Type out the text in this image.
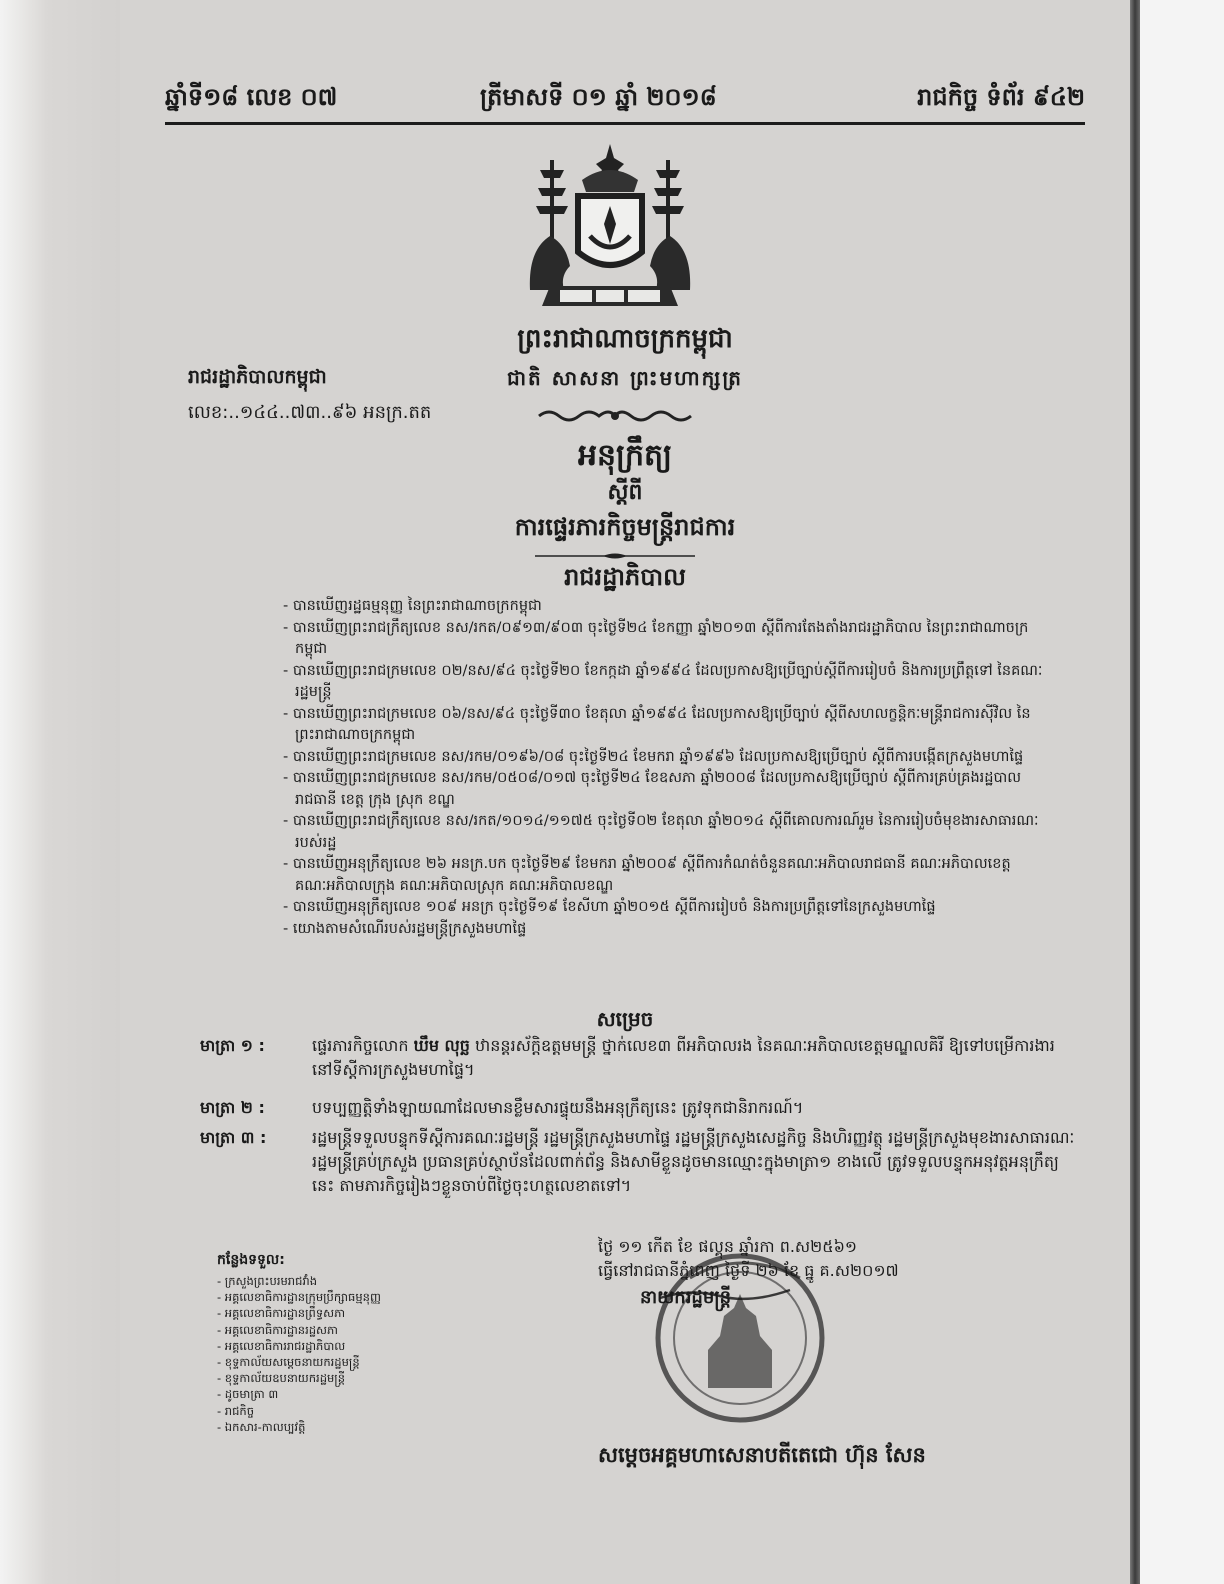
ឆ្នាំទី១៨ លេខ ០៧	ត្រីមាសទី ០១ ឆ្នាំ ២០១៨	រាជកិច្ច ទំព័រ ៩៤២
ព្រះរាជាណាចក្រកម្ពុជា
ជាតិ សាសនា ព្រះមហាក្សត្រ
រាជរដ្ឋាភិបាលកម្ពុជា
លេខ:..១៤៤..៧៣..៩៦ អនក្រ.តត
អនុក្រឹត្យ
ស្តីពី
ការផ្ទេរភារកិច្ចមន្ត្រីរាជការ
រាជរដ្ឋាភិបាល
- បានឃើញរដ្ឋធម្មនុញ្ញ នៃព្រះរាជាណាចក្រកម្ពុជា
- បានឃើញព្រះរាជក្រឹត្យលេខ នស/រកត/០៩១៣/៩០៣ ចុះថ្ងៃទី២៤ ខែកញ្ញា ឆ្នាំ២០១៣ ស្តីពីការតែងតាំងរាជរដ្ឋាភិបាល នៃព្រះរាជាណាចក្រកម្ពុជា
- បានឃើញព្រះរាជក្រមលេខ ០២/នស/៩៤ ចុះថ្ងៃទី២០ ខែកក្កដា ឆ្នាំ១៩៩៤ ដែលប្រកាសឱ្យប្រើច្បាប់ស្តីពីការរៀបចំ និងការប្រព្រឹត្តទៅ នៃគណៈរដ្ឋមន្ត្រី
- បានឃើញព្រះរាជក្រមលេខ ០៦/នស/៩៤ ចុះថ្ងៃទី៣០ ខែតុលា ឆ្នាំ១៩៩៤ ដែលប្រកាសឱ្យប្រើច្បាប់ ស្តីពីសហលក្ខន្តិកៈមន្ត្រីរាជការស៊ីវិល នៃព្រះរាជាណាចក្រកម្ពុជា
- បានឃើញព្រះរាជក្រមលេខ នស/រកម/០១៩៦/០៨ ចុះថ្ងៃទី២៤ ខែមករា ឆ្នាំ១៩៩៦ ដែលប្រកាសឱ្យប្រើច្បាប់ ស្តីពីការបង្កើតក្រសួងមហាផ្ទៃ
- បានឃើញព្រះរាជក្រមលេខ នស/រកម/០៥០៨/០១៧ ចុះថ្ងៃទី២៤ ខែឧសភា ឆ្នាំ២០០៨ ដែលប្រកាសឱ្យប្រើច្បាប់ ស្តីពីការគ្រប់គ្រងរដ្ឋបាលរាជធានី ខេត្ត ក្រុង ស្រុក ខណ្ឌ
- បានឃើញព្រះរាជក្រឹត្យលេខ នស/រកត/១០១៤/១១៧៥ ចុះថ្ងៃទី០២ ខែតុលា ឆ្នាំ២០១៤ ស្តីពីគោលការណ៍រួម នៃការរៀបចំមុខងារសាធារណៈរបស់រដ្ឋ
- បានឃើញអនុក្រឹត្យលេខ ២៦ អនក្រ.បក ចុះថ្ងៃទី២៩ ខែមករា ឆ្នាំ២០០៩ ស្តីពីការកំណត់ចំនួនគណៈអភិបាលរាជធានី គណៈអភិបាលខេត្ត គណៈអភិបាលក្រុង គណៈអភិបាលស្រុក គណៈអភិបាលខណ្ឌ
- បានឃើញអនុក្រឹត្យលេខ ១០៩ អនក្រ ចុះថ្ងៃទី១៩ ខែសីហា ឆ្នាំ២០១៥ ស្តីពីការរៀបចំ និងការប្រព្រឹត្តទៅនៃក្រសួងមហាផ្ទៃ
- យោងតាមសំណើរបស់រដ្ឋមន្ត្រីក្រសួងមហាផ្ទៃ
សម្រេច
មាត្រា ១ :	ផ្ទេរភារកិច្ចលោក ឃឹម លុច្ឆ ឋានន្តរស័ក្តិឧត្តមមន្ត្រី ថ្នាក់លេខ៣ ពីអភិបាលរង នៃគណៈអភិបាលខេត្តមណ្ឌលគិរី ឱ្យទៅបម្រើការងារនៅទីស្តីការក្រសួងមហាផ្ទៃ។
មាត្រា ២ :	បទប្បញ្ញត្តិទាំងឡាយណាដែលមានខ្លឹមសារផ្ទុយនឹងអនុក្រឹត្យនេះ ត្រូវទុកជានិរាករណ៍។
មាត្រា ៣ :	រដ្ឋមន្ត្រីទទួលបន្ទុកទីស្តីការគណៈរដ្ឋមន្ត្រី រដ្ឋមន្ត្រីក្រសួងមហាផ្ទៃ រដ្ឋមន្ត្រីក្រសួងសេដ្ឋកិច្ច និងហិរញ្ញវត្ថុ រដ្ឋមន្ត្រីក្រសួងមុខងារសាធារណៈ រដ្ឋមន្ត្រីគ្រប់ក្រសួង ប្រធានគ្រប់ស្ថាប័នដែលពាក់ព័ន្ធ និងសាមីខ្លួនដូចមានឈ្មោះក្នុងមាត្រា១ ខាងលើ ត្រូវទទួលបន្ទុកអនុវត្តអនុក្រឹត្យនេះ តាមភារកិច្ចរៀងៗខ្លួនចាប់ពីថ្ងៃចុះហត្ថលេខាតទៅ។
ថ្ងៃ ១១ កើត ខែ ផល្គុន ឆ្នាំរកា ព.ស២៥៦១
ធ្វើនៅរាជធានីភ្នំពេញ ថ្ងៃទី ២៦ ខែ ធ្នូ គ.ស២០១៧
នាយករដ្ឋមន្ត្រី
កន្លែងទទួល:
- ក្រសួងព្រះបរមរាជវាំង
- អគ្គលេខាធិការដ្ឋានក្រុមប្រឹក្សាធម្មនុញ្ញ
- អគ្គលេខាធិការដ្ឋានព្រឹទ្ធសភា
- អគ្គលេខាធិការដ្ឋានរដ្ឋសភា
- អគ្គលេខាធិការរាជរដ្ឋាភិបាល
- ខុទ្ទកាល័យសម្តេចនាយករដ្ឋមន្ត្រី
- ខុទ្ទកាល័យឧបនាយករដ្ឋមន្ត្រី
- ដូចមាត្រា ៣
- រាជកិច្ច
- ឯកសារ-កាលប្បវត្តិ
សម្តេចអគ្គមហាសេនាបតីតេជោ ហ៊ុន សែន
